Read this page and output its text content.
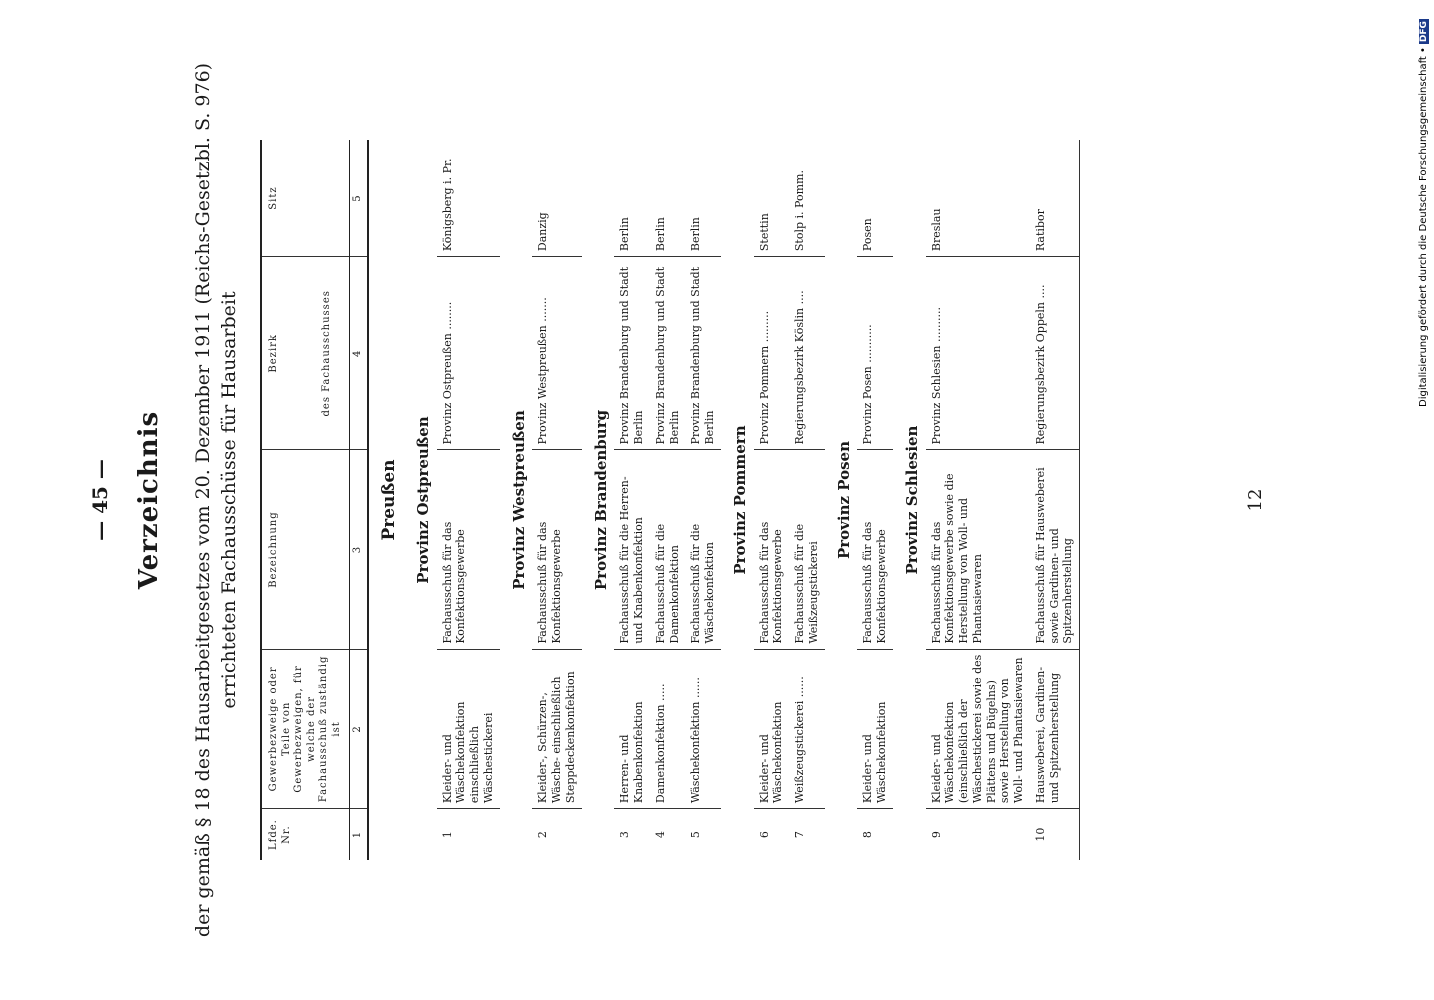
— 45 — Verzeichnis der gemäß § 18 des Hausarbeitgesetzes vom 20. Dezember 1911 (Reichs-Gesetzbl. S. 976) errichteten Fachausschüsse für Hausarbeit
Lfde. Nr.	Gewerbezweige oder Teile von Gewerbezweigen, für welche der Fachausschuß zuständig ist	Bezeichnung	Bezirk des Fachausschusses	Sitz
1	2	3	4	5
Preußen				
Provinz Ostpreußen				
1	Kleider- und Wäschekonfektion einschließlich Wäschestickerei	Fachausschuß für das Konfektionsgewerbe	Provinz Ostpreußen ........	Königsberg i. Pr.
Provinz Westpreußen				
2	Kleider-, Schürzen-, Wäsche- einschließlich Steppdeckenkonfektion	Fachausschuß für das Konfektionsgewerbe	Provinz Westpreußen .......	Danzig
Provinz Brandenburg				
3	Herren- und Knabenkonfektion	Fachausschuß für die Herren- und Knabenkonfektion	Provinz Brandenburg und Stadt Berlin	Berlin
4	Damenkonfektion .....	Fachausschuß für die Damenkonfektion	Provinz Brandenburg und Stadt Berlin	Berlin
5	Wäschekonfektion ......	Fachausschuß für die Wäschekonfektion	Provinz Brandenburg und Stadt Berlin	Berlin
Provinz Pommern				
6	Kleider- und Wäschekonfektion	Fachausschuß für das Konfektionsgewerbe	Provinz Pommern .........	Stettin
7	Weißzeugstickerei ......	Fachausschuß für die Weißzeugstickerei	Regierungsbezirk Köslin ....	Stolp i. Pomm.
Provinz Posen				
8	Kleider- und Wäschekonfektion	Fachausschuß für das Konfektionsgewerbe	Provinz Posen ...........	Posen
Provinz Schlesien				
9	Kleider- und Wäschekonfektion (einschließlich der Wäschestickerei sowie des Plättens und Bügelns) sowie Herstellung von Woll- und Phantasiewaren	Fachausschuß für das Konfektionsgewerbe sowie die Herstellung von Woll- und Phantasiewaren	Provinz Schlesien ..........	Breslau
10	Hausweberei, Gardinen- und Spitzenherstellung	Fachausschuß für Hausweberei sowie Gardinen- und Spitzenherstellung	Regierungsbezirk Oppeln ....	Ratibor
12
Digitalisierung gefördert durch die Deutsche Forschungsgemeinschaft •DFG
